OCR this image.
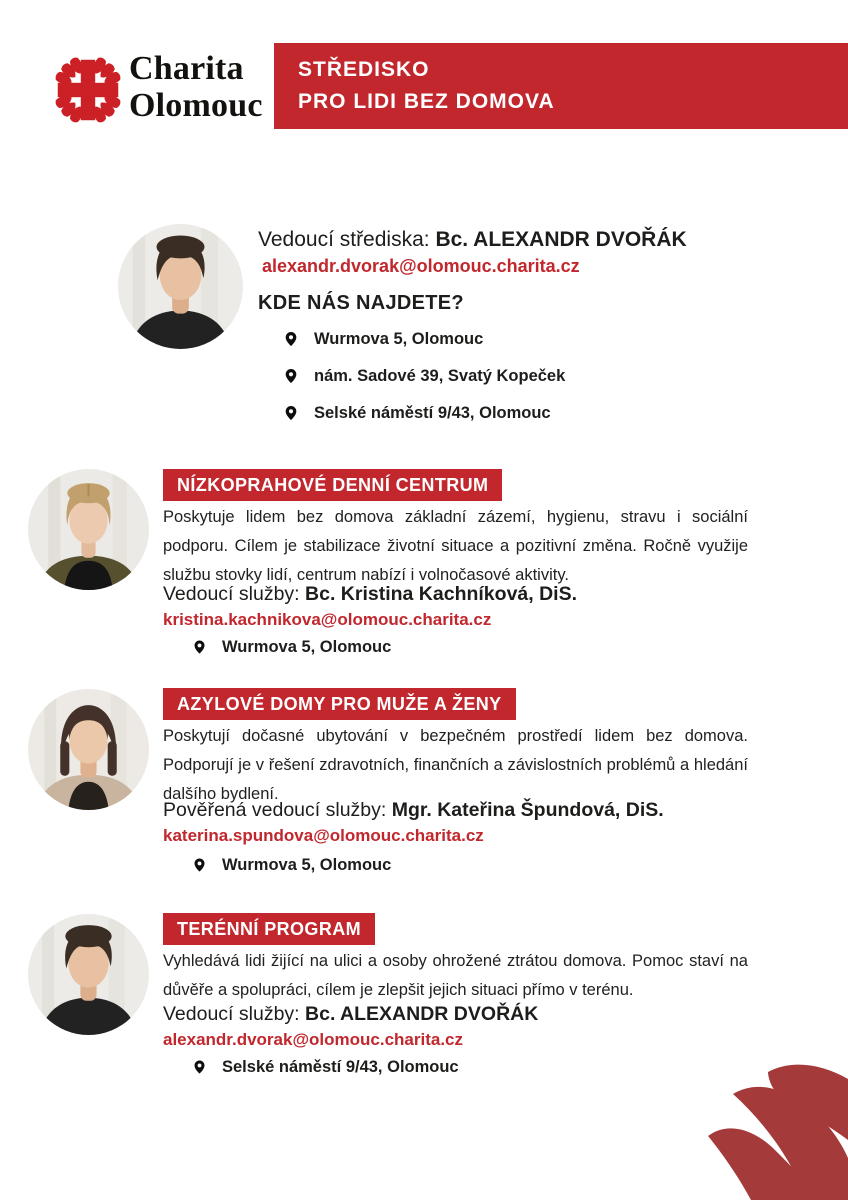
Charita
Olomouc
STŘEDISKO
PRO LIDI BEZ DOMOVA
Vedoucí střediska: Bc. ALEXANDR DVOŘÁK
alexandr.dvorak@olomouc.charita.cz
KDE NÁS NAJDETE?
Wurmova 5, Olomouc
nám. Sadové 39, Svatý Kopeček
Selské náměstí 9/43, Olomouc
NÍZKOPRAHOVÉ DENNÍ CENTRUM
Poskytuje lidem bez domova základní zázemí, hygienu, stravu i sociální podporu. Cílem je stabilizace životní situace a pozitivní změna. Ročně využije službu stovky lidí, centrum nabízí i volnočasové aktivity.
Vedoucí služby: Bc. Kristina Kachníková, DiS.
kristina.kachnikova@olomouc.charita.cz
Wurmova 5, Olomouc
AZYLOVÉ DOMY PRO MUŽE A ŽENY
Poskytují dočasné ubytování v bezpečném prostředí lidem bez domova. Podporují je v řešení zdravotních, finančních a závislostních problémů a hledání dalšího bydlení.
Pověřená vedoucí služby: Mgr. Kateřina Špundová, DiS.
katerina.spundova@olomouc.charita.cz
Wurmova 5, Olomouc
TERÉNNÍ PROGRAM
Vyhledává lidi žijící na ulici a osoby ohrožené ztrátou domova. Pomoc staví na důvěře a spolupráci, cílem je zlepšit jejich situaci přímo v terénu.
Vedoucí služby: Bc. ALEXANDR DVOŘÁK
alexandr.dvorak@olomouc.charita.cz
Selské náměstí 9/43, Olomouc
